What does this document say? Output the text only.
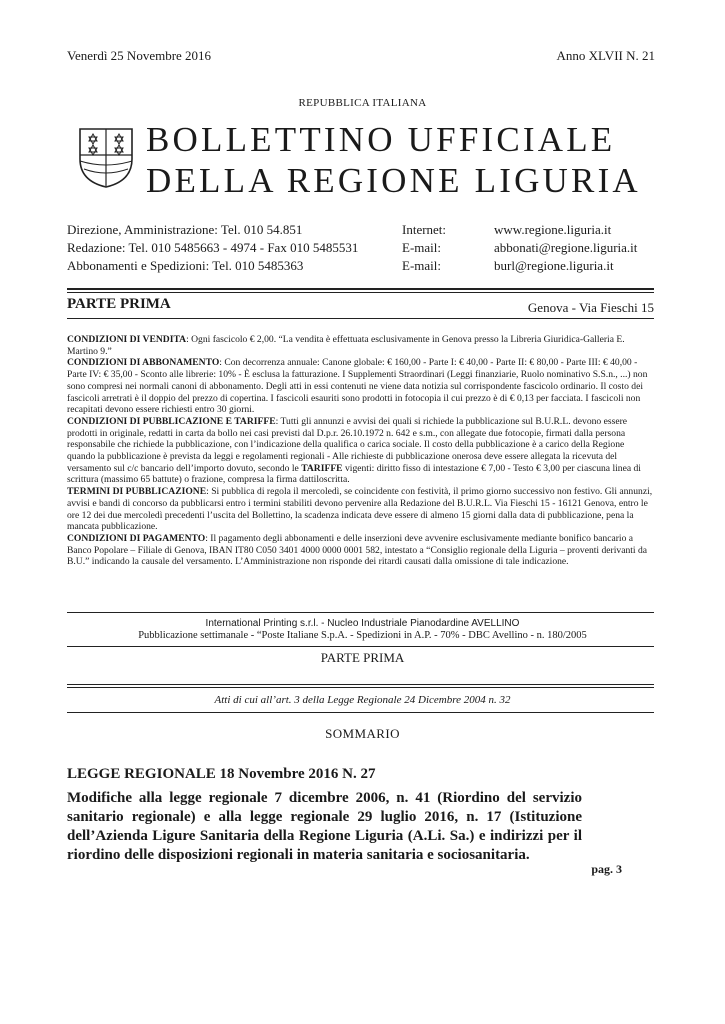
Venerdì 25 Novembre 2016	Anno XLVII N. 21
REPUBBLICA ITALIANA
BOLLETTINO UFFICIALE
DELLA REGIONE LIGURIA
Direzione, Amministrazione: Tel. 010 54.851
Redazione: Tel. 010 5485663 - 4974 - Fax 010 5485531
Abbonamenti e Spedizioni: Tel. 010 5485363
Internet:
E-mail:
E-mail:
www.regione.liguria.it
abbonati@regione.liguria.it
burl@regione.liguria.it
PARTE PRIMA	Genova - Via Fieschi 15

CONDIZIONI DI VENDITA: Ogni fascicolo € 2,00. “La vendita è effettuata esclusivamente in Genova presso la Libreria Giuridica-Galleria E. Martino 9.”

CONDIZIONI DI ABBONAMENTO: Con decorrenza annuale: Canone globale: € 160,00 - Parte I: € 40,00 - Parte II: € 80,00 - Parte III: € 40,00 - Parte IV: € 35,00 - Sconto alle librerie: 10% - È esclusa la fatturazione. I Supplementi Straordinari (Leggi finanziarie, Ruolo nominativo S.S.n., ...) non sono compresi nei normali canoni di abbonamento. Degli atti in essi contenuti ne viene data notizia sul corrispondente fascicolo ordinario. Il costo dei fascicoli arretrati è il doppio del prezzo di copertina. I fascicoli esauriti sono prodotti in fotocopia il cui prezzo è di € 0,13 per facciata. I fascicoli non recapitati devono essere richiesti entro 30 giorni.

CONDIZIONI DI PUBBLICAZIONE E TARIFFE: Tutti gli annunzi e avvisi dei quali si richiede la pubblicazione sul B.U.R.L. devono essere prodotti in originale, redatti in carta da bollo nei casi previsti dal D.p.r. 26.10.1972 n. 642 e s.m., con allegate due fotocopie, firmati dalla persona responsabile che richiede la pubblicazione, con l’indicazione della qualifica o carica sociale. Il costo della pubblicazione è a carico della Regione quando la pubblicazione è prevista da leggi e regolamenti regionali - Alle richieste di pubblicazione onerosa deve essere allegata la ricevuta del versamento sul c/c bancario dell’importo dovuto, secondo le TARIFFE vigenti: diritto fisso di intestazione € 7,00 - Testo € 3,00 per ciascuna linea di scrittura (massimo 65 battute) o frazione, compresa la firma dattiloscritta.

TERMINI DI PUBBLICAZIONE: Si pubblica di regola il mercoledì, se coincidente con festività, il primo giorno successivo non festivo. Gli annunzi, avvisi e bandi di concorso da pubblicarsi entro i termini stabiliti devono pervenire alla Redazione del B.U.R.L. Via Fieschi 15 - 16121 Genova, entro le ore 12 dei due mercoledì precedenti l’uscita del Bollettino, la scadenza indicata deve essere di almeno 15 giorni dalla data di pubblicazione, pena la mancata pubblicazione.

CONDIZIONI DI PAGAMENTO: Il pagamento degli abbonamenti e delle inserzioni deve avvenire esclusivamente mediante bonifico bancario a Banco Popolare – Filiale di Genova, IBAN IT80 C050 3401 4000 0000 0001 582, intestato a “Consiglio regionale della Liguria – proventi derivanti da B.U.” indicando la causale del versamento. L’Amministrazione non risponde dei ritardi causati dalla omissione di tale indicazione.

International Printing s.r.l. - Nucleo Industriale Pianodardine AVELLINO
Pubblicazione settimanale - “Poste Italiane S.p.A. - Spedizioni in A.P. - 70% - DBC Avellino - n. 180/2005
PARTE PRIMA
Atti di cui all’art. 3 della Legge Regionale 24 Dicembre 2004 n. 32
SOMMARIO
LEGGE REGIONALE 18 Novembre 2016 N. 27
Modifiche alla legge regionale 7 dicembre 2006, n. 41 (Riordino del servizio sanitario regionale) e alla legge regionale 29 luglio 2016, n. 17 (Istituzione dell’Azienda Ligure Sanitaria della Regione Liguria (A.Li. Sa.) e indirizzi per il riordino delle disposizioni regionali in materia sanitaria e sociosanitaria.
pag. 3
